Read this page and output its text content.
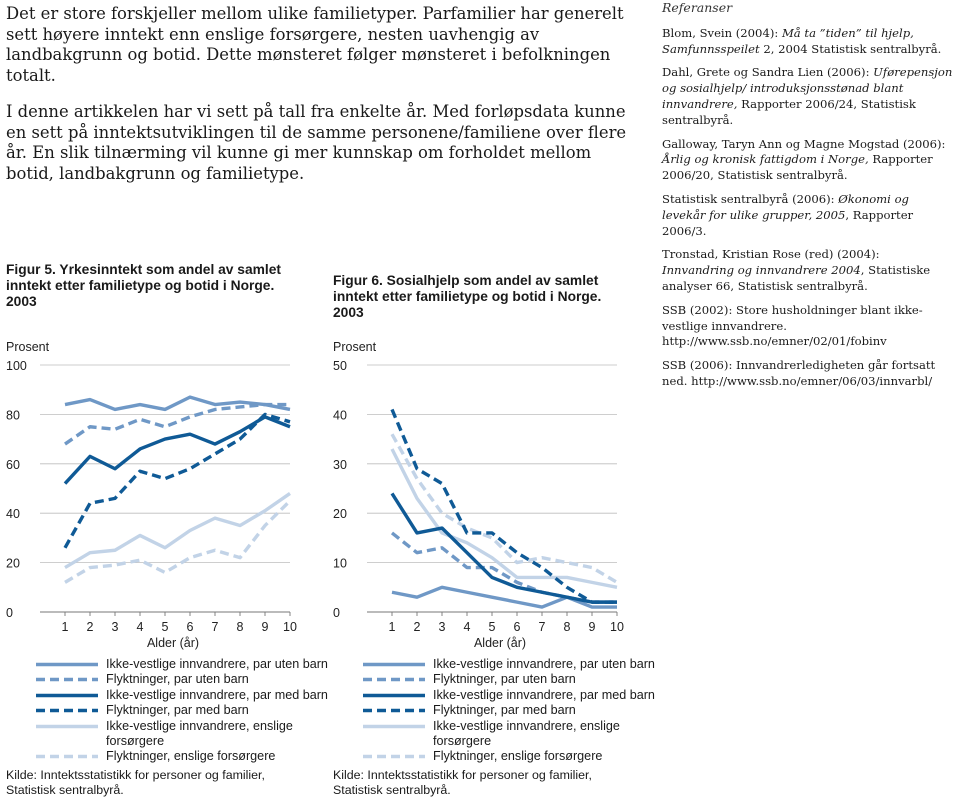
Det er store forskjeller mellom ulike familietyper. Parfamilier har generelt sett høyere inntekt enn enslige forsørgere, nesten uavhengig av landbakgrunn og botid. Dette mønsteret følger mønsteret i befolkningen totalt.

I denne artikkelen har vi sett på tall fra enkelte år. Med forløpsdata kunne en sett på inntektsutviklingen til de samme personene/familiene over flere år. En slik tilnærming vil kunne gi mer kunnskap om forholdet mellom botid, landbakgrunn og familietype.

Referanser
Blom, Svein (2004): Må ta ”tiden” til hjelp, Samfunnsspeilet 2, 2004 Statistisk sentralbyrå.
Dahl, Grete og Sandra Lien (2006): Uførepensjon og sosialhjelp/ introduksjonsstønad blant innvandrere, Rapporter 2006/24, Statistisk sentralbyrå.
Galloway, Taryn Ann og Magne Mogstad (2006): Årlig og kronisk fattigdom i Norge, Rapporter 2006/20, Statistisk sentralbyrå.
Statistisk sentralbyrå (2006): Økonomi og levekår for ulike grupper, 2005, Rapporter 2006/3.
Tronstad, Kristian Rose (red) (2004): Innvandring og innvandrere 2004, Statistiske analyser 66, Statistisk sentralbyrå.
SSB (2002): Store husholdninger blant ikke-vestlige innvandrere. http://www.ssb.no/emner/02/01/fobinv
SSB (2006): Innvandrerledigheten går fortsatt ned. http://www.ssb.no/emner/06/03/innvarbl/
Figur 5. Yrkesinntekt som andel av samlet inntekt etter familietype og botid i Norge. 2003
Prosent
0
20
40
60
80
100
1 2 3 4 5 6 7 8 9 10
Alder (år)
Ikke-vestlige innvandrere, par uten barn
Flyktninger, par uten barn
Ikke-vestlige innvandrere, par med barn
Flyktninger, par med barn
Ikke-vestlige innvandrere, enslige forsørgere
Flyktninger, enslige forsørgere
Kilde: Inntektsstatistikk for personer og familier, Statistisk sentralbyrå.
Figur 6. Sosialhjelp som andel av samlet inntekt etter familietype og botid i Norge. 2003
Prosent
0
10
20
30
40
50
1 2 3 4 5 6 7 8 9 10
Alder (år)
Ikke-vestlige innvandrere, par uten barn
Flyktninger, par uten barn
Ikke-vestlige innvandrere, par med barn
Flyktninger, par med barn
Ikke-vestlige innvandrere, enslige forsørgere
Flyktninger, enslige forsørgere
Kilde: Inntektsstatistikk for personer og familier, Statistisk sentralbyrå.
